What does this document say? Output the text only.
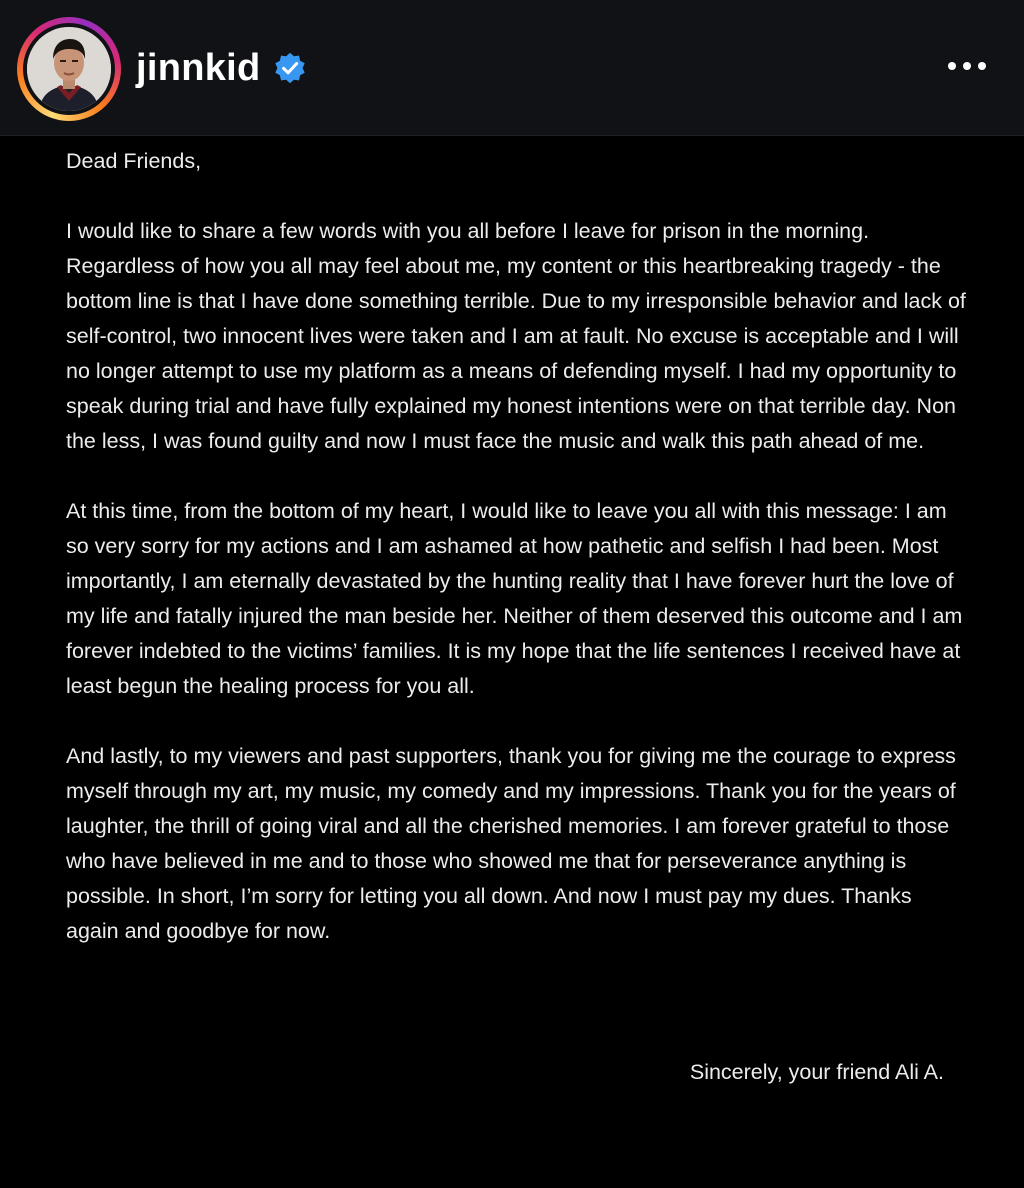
jinnkid

Dead Friends,

I would like to share a few words with you all before I leave for prison in the morning. Regardless of how you all may feel about me, my content or this heartbreaking tragedy - the bottom line is that I have done something terrible. Due to my irresponsible behavior and lack of self-control, two innocent lives were taken and I am at fault. No excuse is acceptable and I will no longer attempt to use my platform as a means of defending myself. I had my opportunity to speak during trial and have fully explained my honest intentions were on that terrible day. Non the less, I was found guilty and now I must face the music and walk this path ahead of me.

At this time, from the bottom of my heart, I would like to leave you all with this message: I am so very sorry for my actions and I am ashamed at how pathetic and selfish I had been. Most importantly, I am eternally devastated by the hunting reality that I have forever hurt the love of my life and fatally injured the man beside her. Neither of them deserved this outcome and I am forever indebted to the victims’ families. It is my hope that the life sentences I received have at least begun the healing process for you all.

And lastly, to my viewers and past supporters, thank you for giving me the courage to express myself through my art, my music, my comedy and my impressions. Thank you for the years of laughter, the thrill of going viral and all the cherished memories. I am forever grateful to those who have believed in me and to those who showed me that for perseverance anything is possible. In short, I’m sorry for letting you all down. And now I must pay my dues. Thanks again and goodbye for now.

Sincerely, your friend Ali A.
